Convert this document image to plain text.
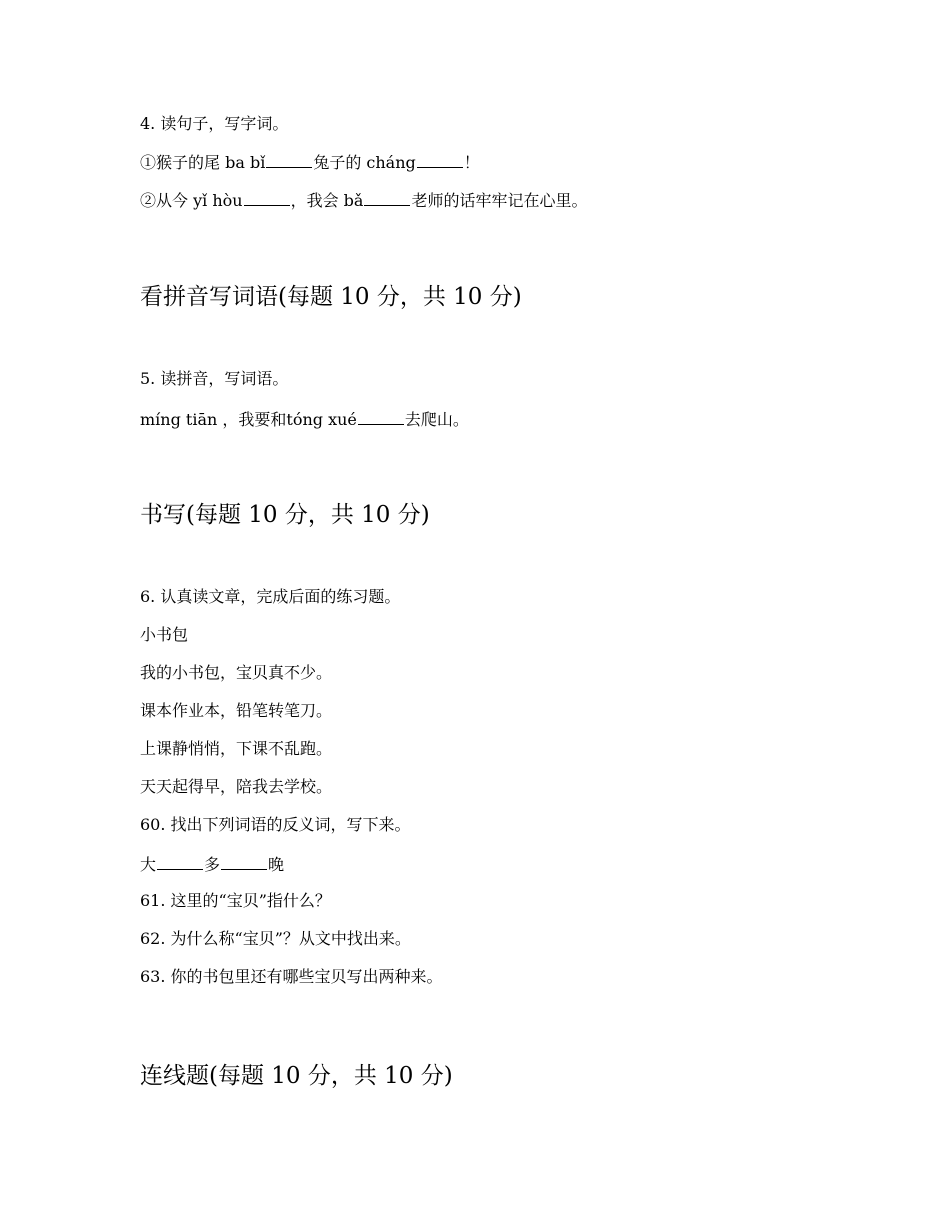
4. 读句子，写字词。
①猴子的尾 ba bǐ	兔子的 cháng	！
②从今 yǐ hòu	，我会 bǎ	老师的话牢牢记在心里。
看拼音写词语(每题 10 分，共 10 分)
5. 读拼音，写词语。
míng tiān ，我要和tóng xué	去爬山。
书写(每题 10 分，共 10 分)
6. 认真读文章，完成后面的练习题。
小书包
我的小书包，宝贝真不少。
课本作业本，铅笔转笔刀。
上课静悄悄，下课不乱跑。
天天起得早，陪我去学校。
60. 找出下列词语的反义词，写下来。
大	多	晚
61. 这里的“宝贝”指什么？
62. 为什么称“宝贝”？从文中找出来。
63. 你的书包里还有哪些宝贝写出两种来。
连线题(每题 10 分，共 10 分)
